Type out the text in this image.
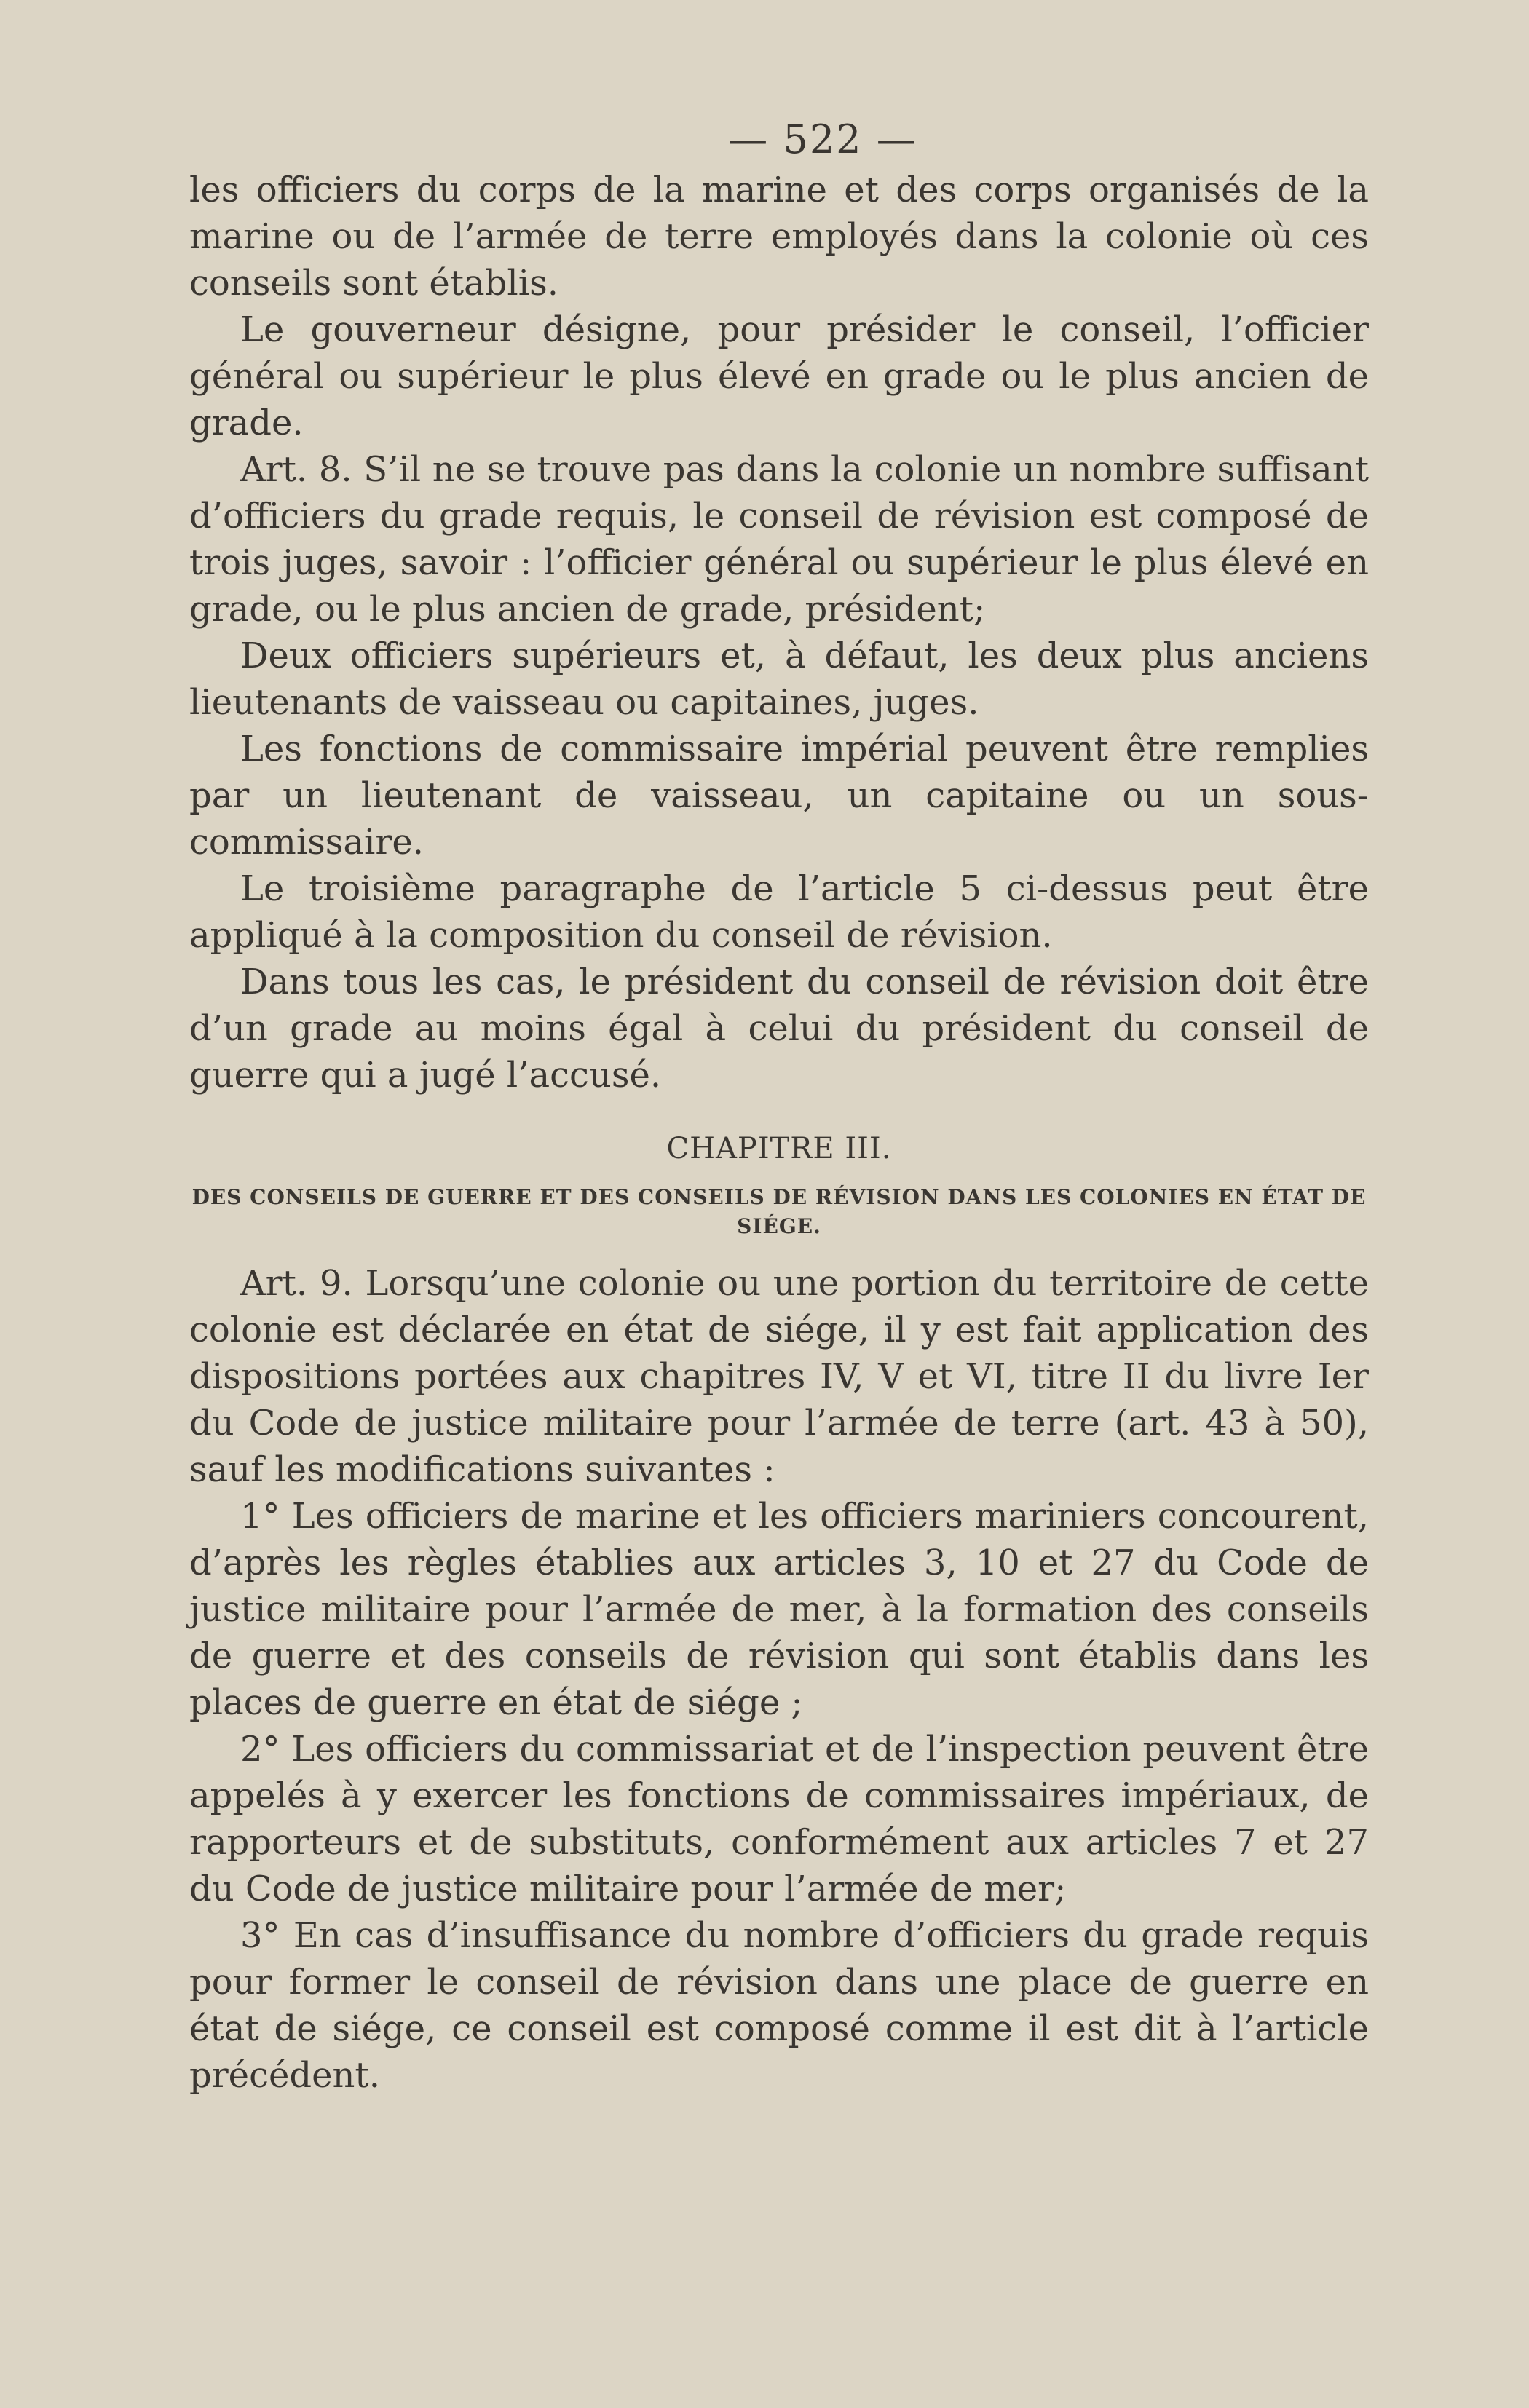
— 522 —

les officiers du corps de la marine et des corps organisés de la marine ou de l’armée de terre employés dans la colonie où ces conseils sont établis.

Le gouverneur désigne, pour présider le conseil, l’officier général ou supérieur le plus élevé en grade ou le plus ancien de grade.

Art. 8. S’il ne se trouve pas dans la colonie un nombre suffisant d’officiers du grade requis, le conseil de révision est composé de trois juges, savoir : l’officier général ou supérieur le plus élevé en grade, ou le plus ancien de grade, président;

Deux officiers supérieurs et, à défaut, les deux plus anciens lieutenants de vaisseau ou capitaines, juges.

Les fonctions de commissaire impérial peuvent être remplies par un lieutenant de vaisseau, un capitaine ou un sous-commissaire.

Le troisième paragraphe de l’article 5 ci-dessus peut être appliqué à la composition du conseil de révision.

Dans tous les cas, le président du conseil de révision doit être d’un grade au moins égal à celui du président du conseil de guerre qui a jugé l’accusé.

CHAPITRE III.
DES CONSEILS DE GUERRE ET DES CONSEILS DE RÉVISION DANS LES COLONIES EN ÉTAT DE SIÉGE.

Art. 9. Lorsqu’une colonie ou une portion du territoire de cette colonie est déclarée en état de siége, il y est fait application des dispositions portées aux chapitres IV, V et VI, titre II du livre Ier du Code de justice militaire pour l’armée de terre (art. 43 à 50), sauf les modifications suivantes :

1° Les officiers de marine et les officiers mariniers concourent, d’après les règles établies aux articles 3, 10 et 27 du Code de justice militaire pour l’armée de mer, à la formation des conseils de guerre et des conseils de révision qui sont établis dans les places de guerre en état de siége ;

2° Les officiers du commissariat et de l’inspection peuvent être appelés à y exercer les fonctions de commissaires impériaux, de rapporteurs et de substituts, conformément aux articles 7 et 27 du Code de justice militaire pour l’armée de mer;

3° En cas d’insuffisance du nombre d’officiers du grade requis pour former le conseil de révision dans une place de guerre en état de siége, ce conseil est composé comme il est dit à l’article précédent.
